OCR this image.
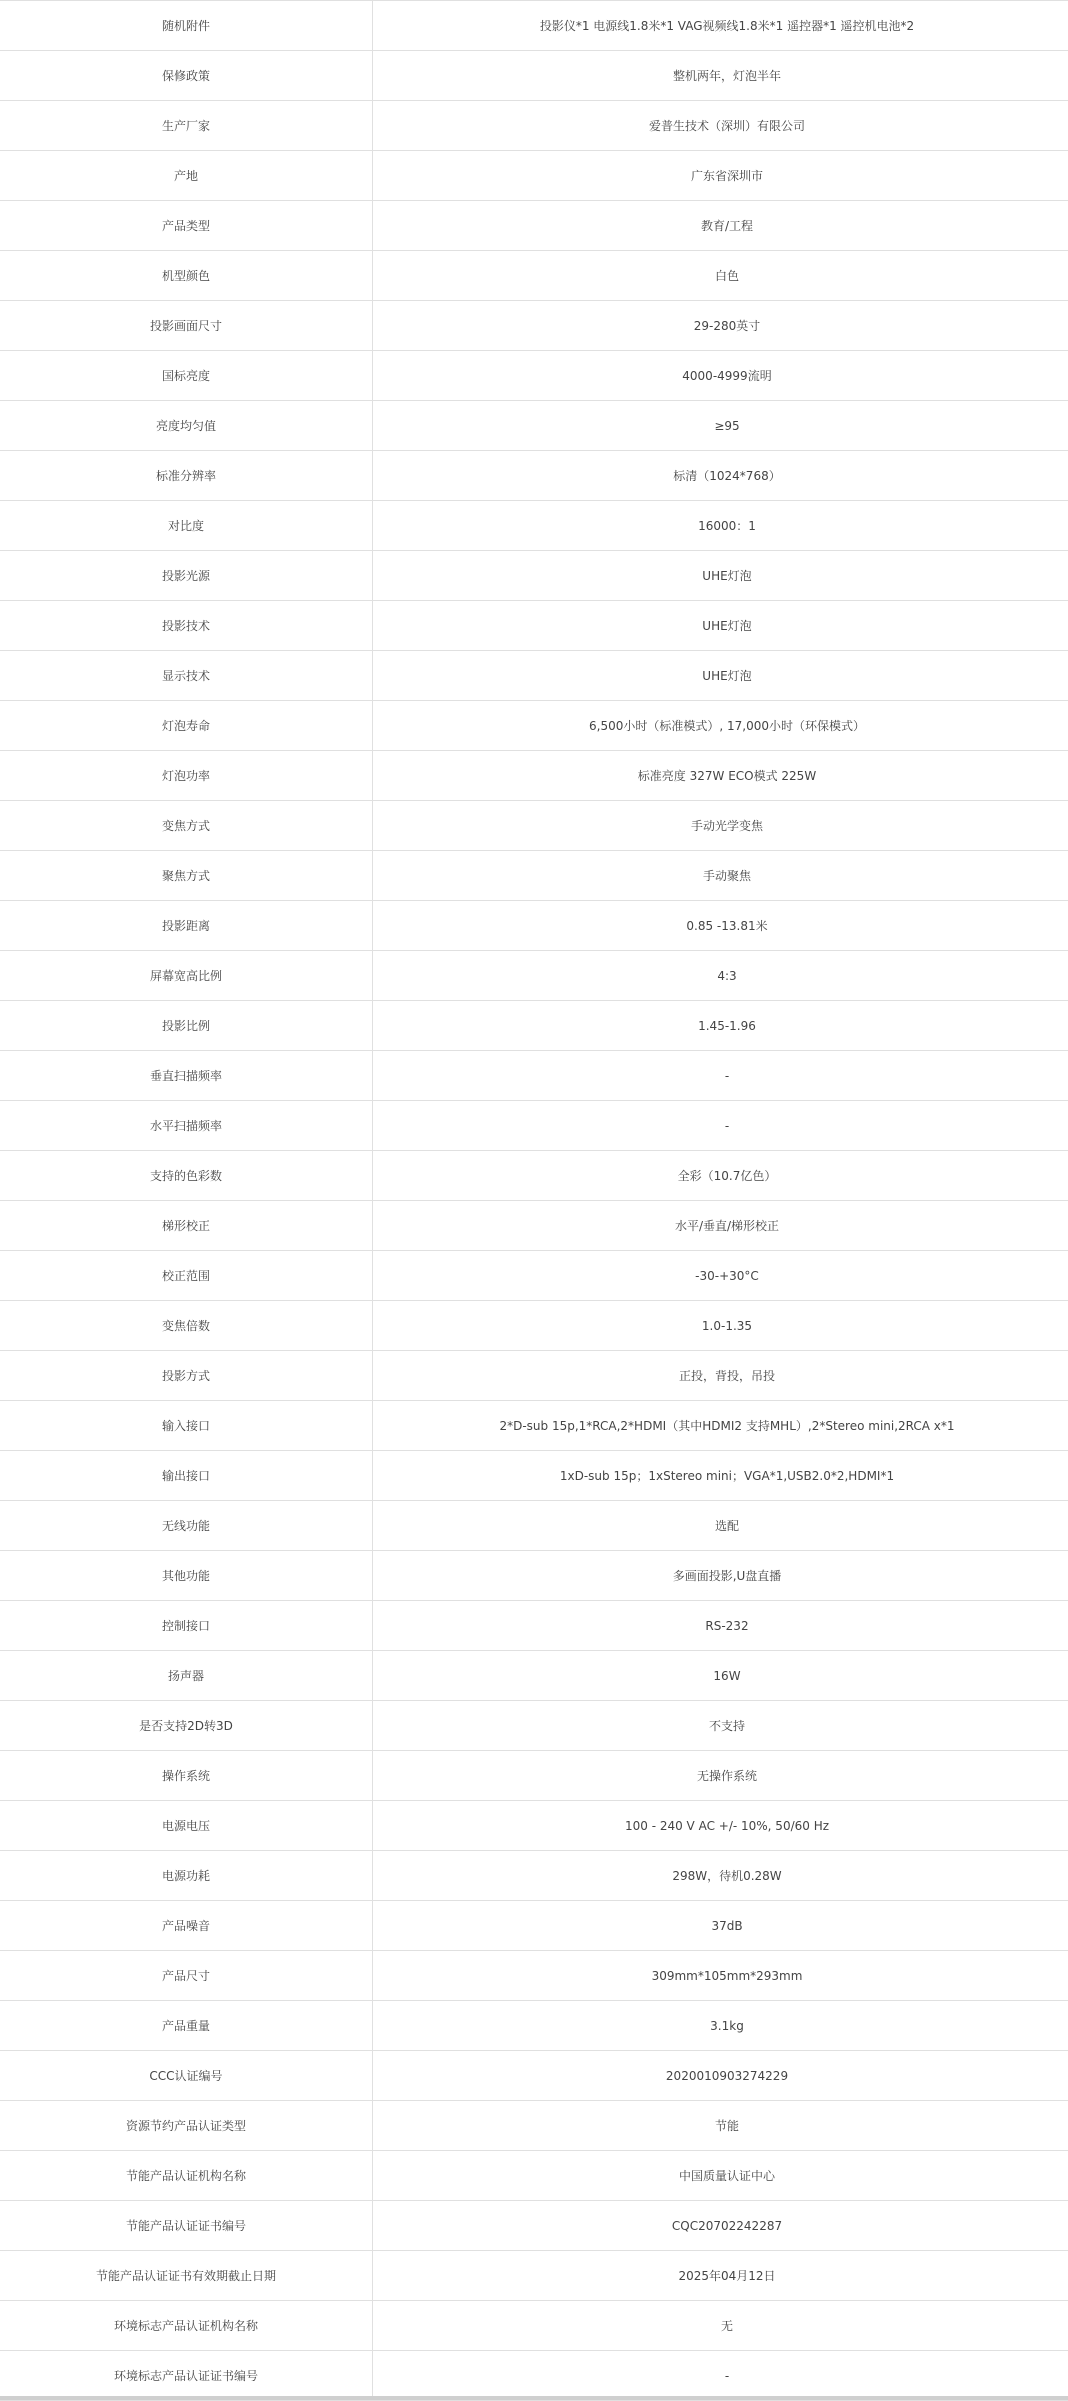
随机附件	投影仪*1 电源线1.8米*1 VAG视频线1.8米*1 遥控器*1 遥控机电池*2
保修政策	整机两年，灯泡半年
生产厂家	爱普生技术（深圳）有限公司
产地	广东省深圳市
产品类型	教育/工程
机型颜色	白色
投影画面尺寸	29-280英寸
国标亮度	4000-4999流明
亮度均匀值	≥95
标准分辨率	标清（1024*768）
对比度	16000：1
投影光源	UHE灯泡
投影技术	UHE灯泡
显示技术	UHE灯泡
灯泡寿命	6,500小时（标准模式）, 17,000小时（环保模式）
灯泡功率	标准亮度 327W ECO模式 225W
变焦方式	手动光学变焦
聚焦方式	手动聚焦
投影距离	0.85 -13.81米
屏幕宽高比例	4:3
投影比例	1.45-1.96
垂直扫描频率	-
水平扫描频率	-
支持的色彩数	全彩（10.7亿色）
梯形校正	水平/垂直/梯形校正
校正范围	-30-+30°C
变焦倍数	1.0-1.35
投影方式	正投，背投，吊投
输入接口	2*D-sub 15p,1*RCA,2*HDMI（其中HDMI2 支持MHL）,2*Stereo mini,2RCA x*1
输出接口	1xD-sub 15p；1xStereo mini；VGA*1,USB2.0*2,HDMI*1
无线功能	选配
其他功能	多画面投影,U盘直播
控制接口	RS-232
扬声器	16W
是否支持2D转3D	不支持
操作系统	无操作系统
电源电压	100 - 240 V AC +/- 10%, 50/60 Hz
电源功耗	298W，待机0.28W
产品噪音	37dB
产品尺寸	309mm*105mm*293mm
产品重量	3.1kg
CCC认证编号	2020010903274229
资源节约产品认证类型	节能
节能产品认证机构名称	中国质量认证中心
节能产品认证证书编号	CQC20702242287
节能产品认证证书有效期截止日期	2025年04月12日
环境标志产品认证机构名称	无
环境标志产品认证证书编号	-
